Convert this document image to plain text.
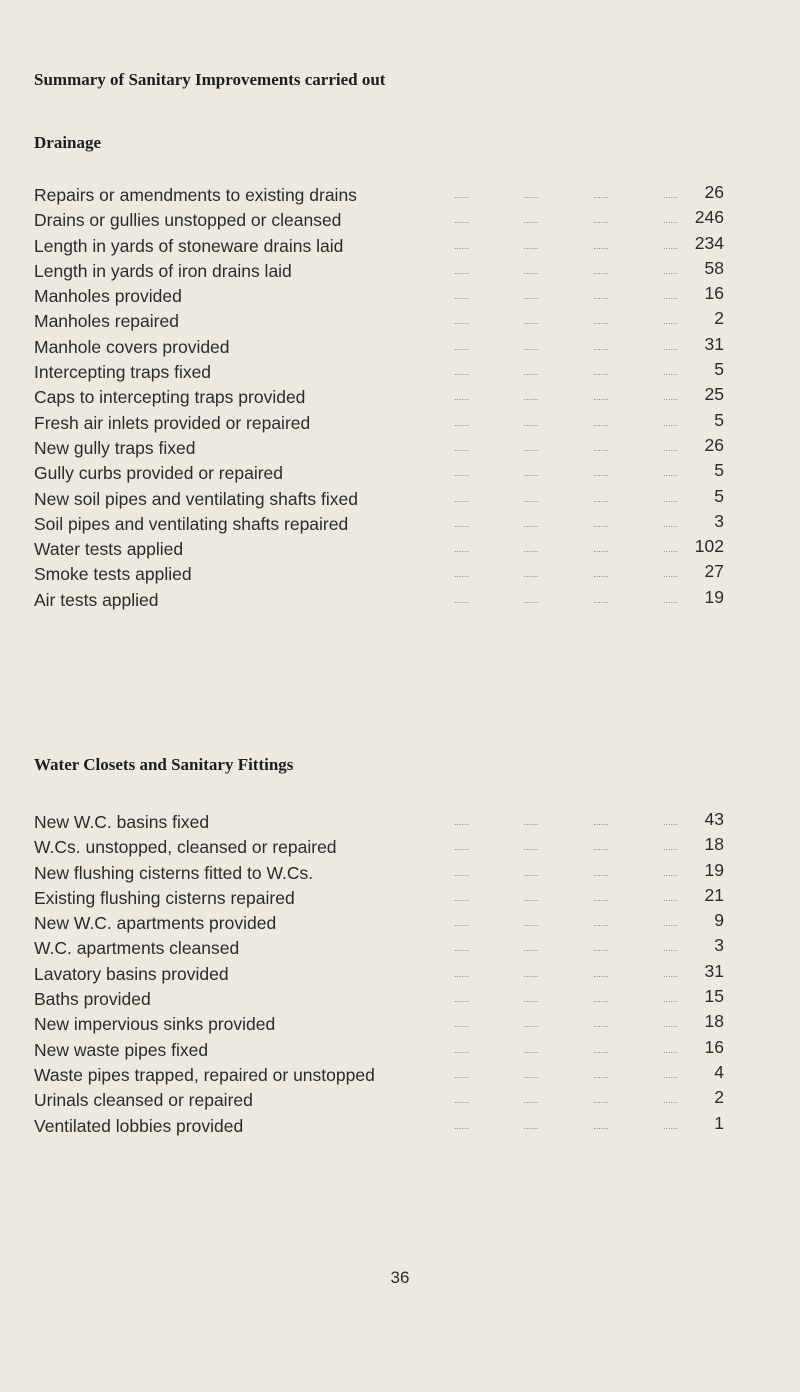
Summary of Sanitary Improvements carried out
Drainage
Repairs or amendments to existing drains	......	......	......	......	26
Drains or gullies unstopped or cleansed	......	......	......	...... 246
Length in yards of stoneware drains laid	......	......	......	...... 234
Length in yards of iron drains laid	......	......	......	......	58
Manholes provided	......	......	......	......	16
Manholes repaired	......	......	......	......	2
Manhole covers provided	......	......	......	......	31
Intercepting traps fixed	......	......	......	......	5
Caps to intercepting traps provided	......	......	......	......	25
Fresh air inlets provided or repaired	......	......	......	......	5
New gully traps fixed	......	......	......	......	26
Gully curbs provided or repaired	......	......	......	......	5
New soil pipes and ventilating shafts fixed	......	......	......	......	5
Soil pipes and ventilating shafts repaired	......	......	......	......	3
Water tests applied	......	......	......	...... 102
Smoke tests applied	......	......	......	......	27
Air tests applied	......	......	......	......	19
Water Closets and Sanitary Fittings
New W.C. basins fixed	......	......	......	......	43
W.Cs. unstopped, cleansed or repaired	......	......	......	......	18
New flushing cisterns fitted to W.Cs.	......	......	......	......	19
Existing flushing cisterns repaired	......	......	......	......	21
New W.C. apartments provided	......	......	......	......	9
W.C. apartments cleansed	......	......	......	......	3
Lavatory basins provided	......	......	......	......	31
Baths provided	......	......	......	......	15
New impervious sinks provided	......	......	......	......	18
New waste pipes fixed	......	......	......	......	16
Waste pipes trapped, repaired or unstopped	......	......	......	......	4
Urinals cleansed or repaired	......	......	......	......	2
Ventilated lobbies provided	......	......	......	......	1
36
